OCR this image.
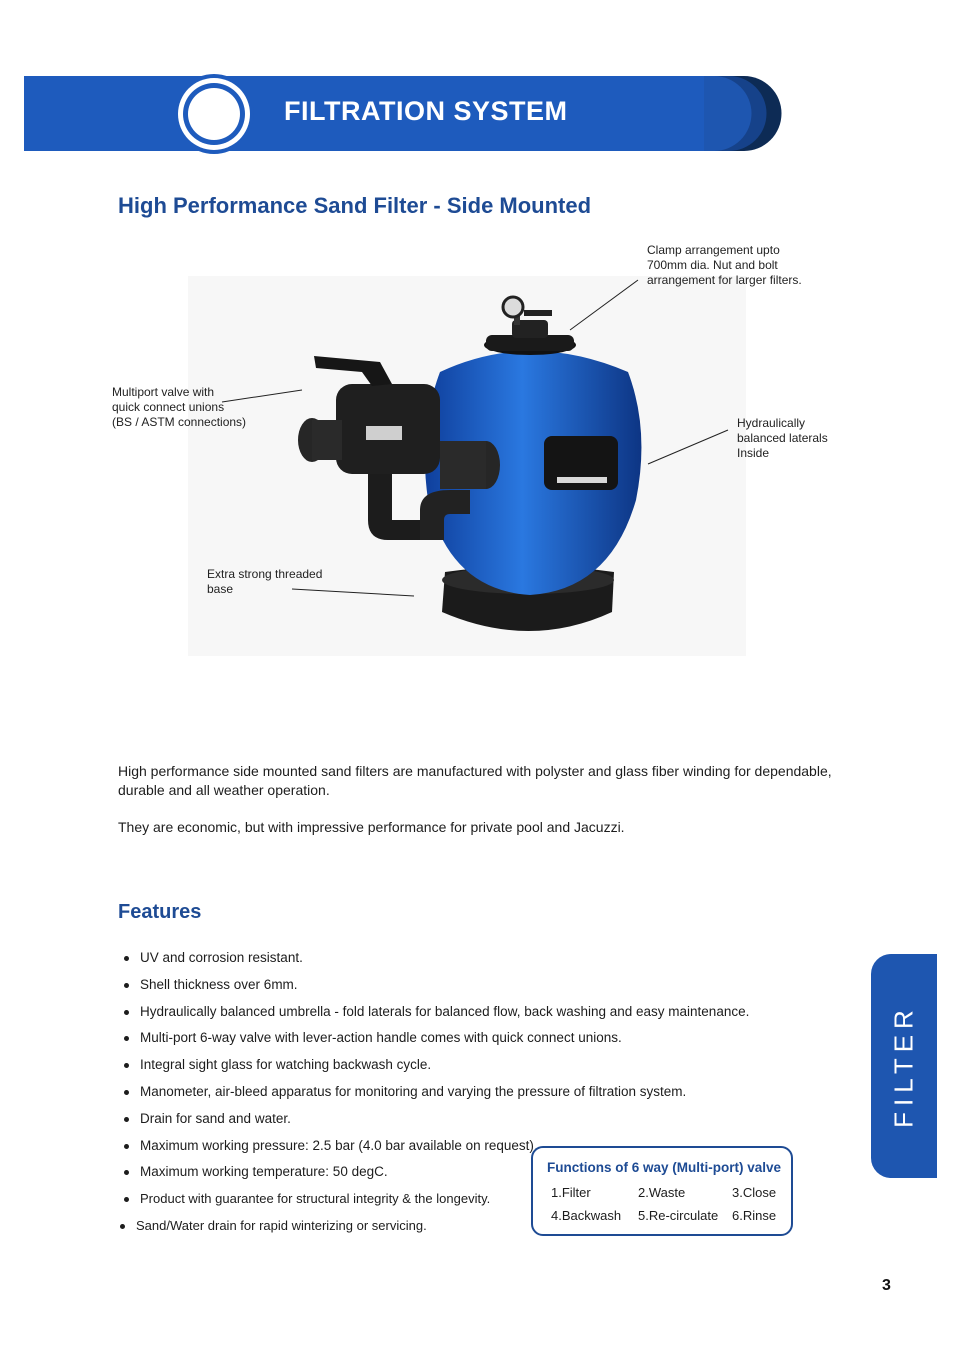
FILTRATION SYSTEM
High Performance Sand Filter - Side Mounted
Clamp arrangement upto
700mm dia. Nut and bolt
arrangement for larger filters.
Multiport valve with
quick connect unions
(BS / ASTM connections)	Hydraulically
balanced laterals
Inside
Extra strong threaded
base
High performance side mounted sand filters are manufactured with polyster and glass fiber winding for dependable, durable and all weather operation.
They are economic, but with impressive performance for private pool and Jacuzzi.
Features
UV and corrosion resistant.
Shell thickness over 6mm.
Hydraulically balanced umbrella - fold laterals for balanced flow, back washing and easy maintenance.
Multi-port 6-way valve with lever-action handle comes with quick connect unions.
Integral sight glass for watching backwash cycle.
Manometer, air-bleed apparatus for monitoring and varying the pressure of filtration system.
Drain for sand and water.
Maximum working pressure: 2.5 bar (4.0 bar available on request).
Maximum working temperature: 50 degC.
Product with guarantee for structural integrity & the longevity.
Sand/Water drain for rapid winterizing or servicing.
Functions of 6 way (Multi-port) valve
1.Filter	2.Waste	3.Close
4.Backwash 5.Re-circulate 6.Rinse
FILTER
3
